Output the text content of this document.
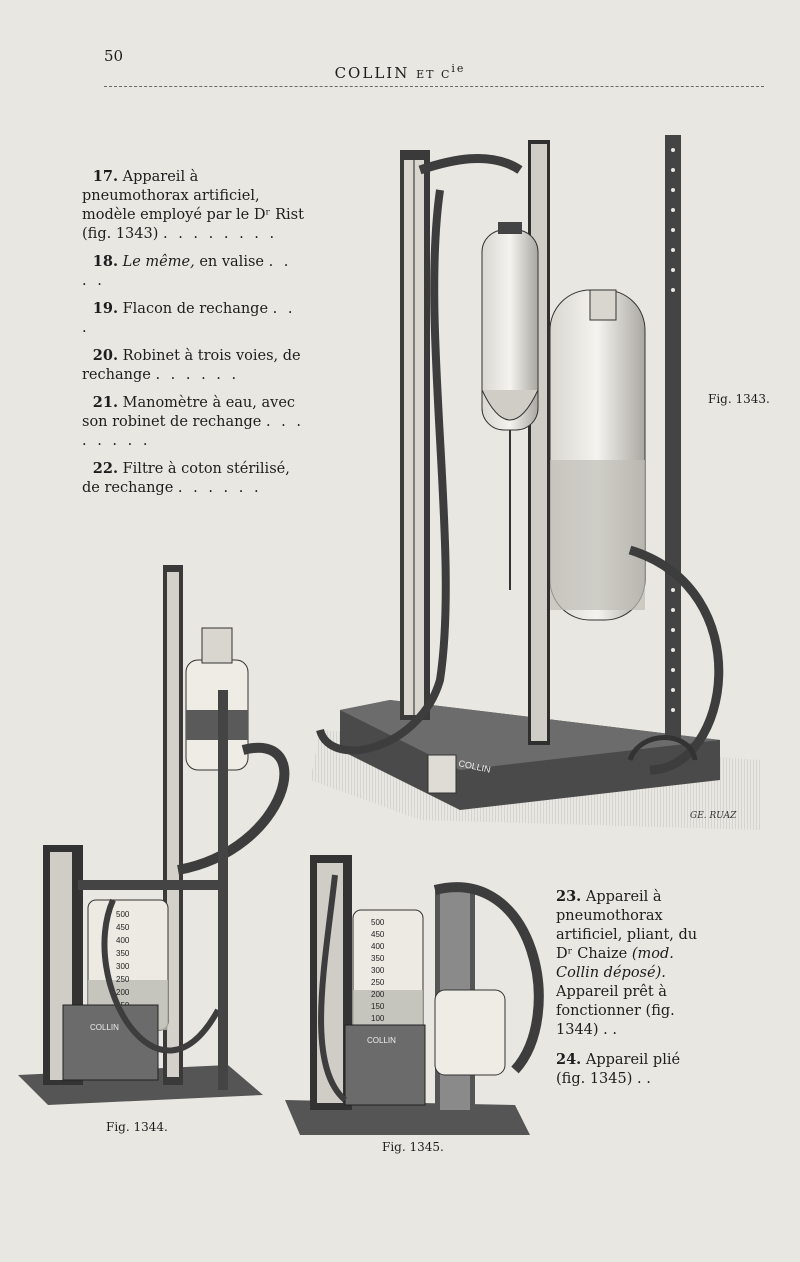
50
COLLIN ET $C^{ie}$
17. Appareil à pneumothorax artificiel, modèle employé par le Dʳ Rist (fig. 1343) . . . . . . . .
18. Le même, en valise . . . .
19. Flacon de rechange . . .
20. Robinet à trois voies, de rechange . . . . . .
21. Manomètre à eau, avec son robinet de rechange . . . . . . . .
22. Filtre à coton stérilisé, de rechange . . . . . .
COLLIN
GE. RUAZ
Fig. 1343.
500
450
400
350
300
250
200
COLLIN
Fig. 1344.
500
450
400
350
300
250
200
150
100
COLLIN
Fig. 1345.
23. Appareil à pneumothorax artificiel, pliant, du Dʳ Chaize (mod. Collin déposé). Appareil prêt à fonctionner (fig. 1344) . .
24. Appareil plié (fig. 1345) . .
